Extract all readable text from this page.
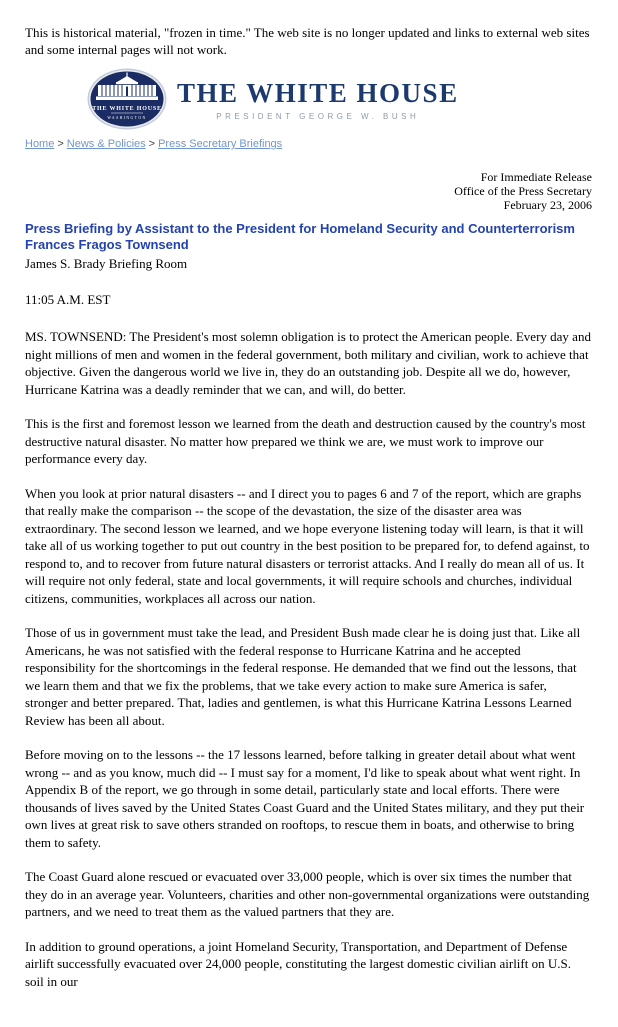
This is historical material, "frozen in time." The web site is no longer updated and links to external web sites and some internal pages will not work.

THE WHITE HOUSE
WASHINGTON
THE WHITE HOUSE
PRESIDENT GEORGE W. BUSH
Home > News & Policies > Press Secretary Briefings
For Immediate Release
Office of the Press Secretary
February 23, 2006
Press Briefing by Assistant to the President for Homeland Security and Counterterrorism Frances Fragos Townsend
James S. Brady Briefing Room
11:05 A.M. EST

MS. TOWNSEND: The President's most solemn obligation is to protect the American people. Every day and night millions of men and women in the federal government, both military and civilian, work to achieve that objective. Given the dangerous world we live in, they do an outstanding job. Despite all we do, however, Hurricane Katrina was a deadly reminder that we can, and will, do better.

This is the first and foremost lesson we learned from the death and destruction caused by the country's most destructive natural disaster. No matter how prepared we think we are, we must work to improve our performance every day.

When you look at prior natural disasters -- and I direct you to pages 6 and 7 of the report, which are graphs that really make the comparison -- the scope of the devastation, the size of the disaster area was extraordinary. The second lesson we learned, and we hope everyone listening today will learn, is that it will take all of us working together to put out country in the best position to be prepared for, to defend against, to respond to, and to recover from future natural disasters or terrorist attacks. And I really do mean all of us. It will require not only federal, state and local governments, it will require schools and churches, individual citizens, communities, workplaces all across our nation.

Those of us in government must take the lead, and President Bush made clear he is doing just that. Like all Americans, he was not satisfied with the federal response to Hurricane Katrina and he accepted responsibility for the shortcomings in the federal response. He demanded that we find out the lessons, that we learn them and that we fix the problems, that we take every action to make sure America is safer, stronger and better prepared. That, ladies and gentlemen, is what this Hurricane Katrina Lessons Learned Review has been all about.

Before moving on to the lessons -- the 17 lessons learned, before talking in greater detail about what went wrong -- and as you know, much did -- I must say for a moment, I'd like to speak about what went right. In Appendix B of the report, we go through in some detail, particularly state and local efforts. There were thousands of lives saved by the United States Coast Guard and the United States military, and they put their own lives at great risk to save others stranded on rooftops, to rescue them in boats, and otherwise to bring them to safety.

The Coast Guard alone rescued or evacuated over 33,000 people, which is over six times the number that they do in an average year. Volunteers, charities and other non-governmental organizations were outstanding partners, and we need to treat them as the valued partners that they are.

In addition to ground operations, a joint Homeland Security, Transportation, and Department of Defense airlift successfully evacuated over 24,000 people, constituting the largest domestic civilian airlift on U.S. soil in our
